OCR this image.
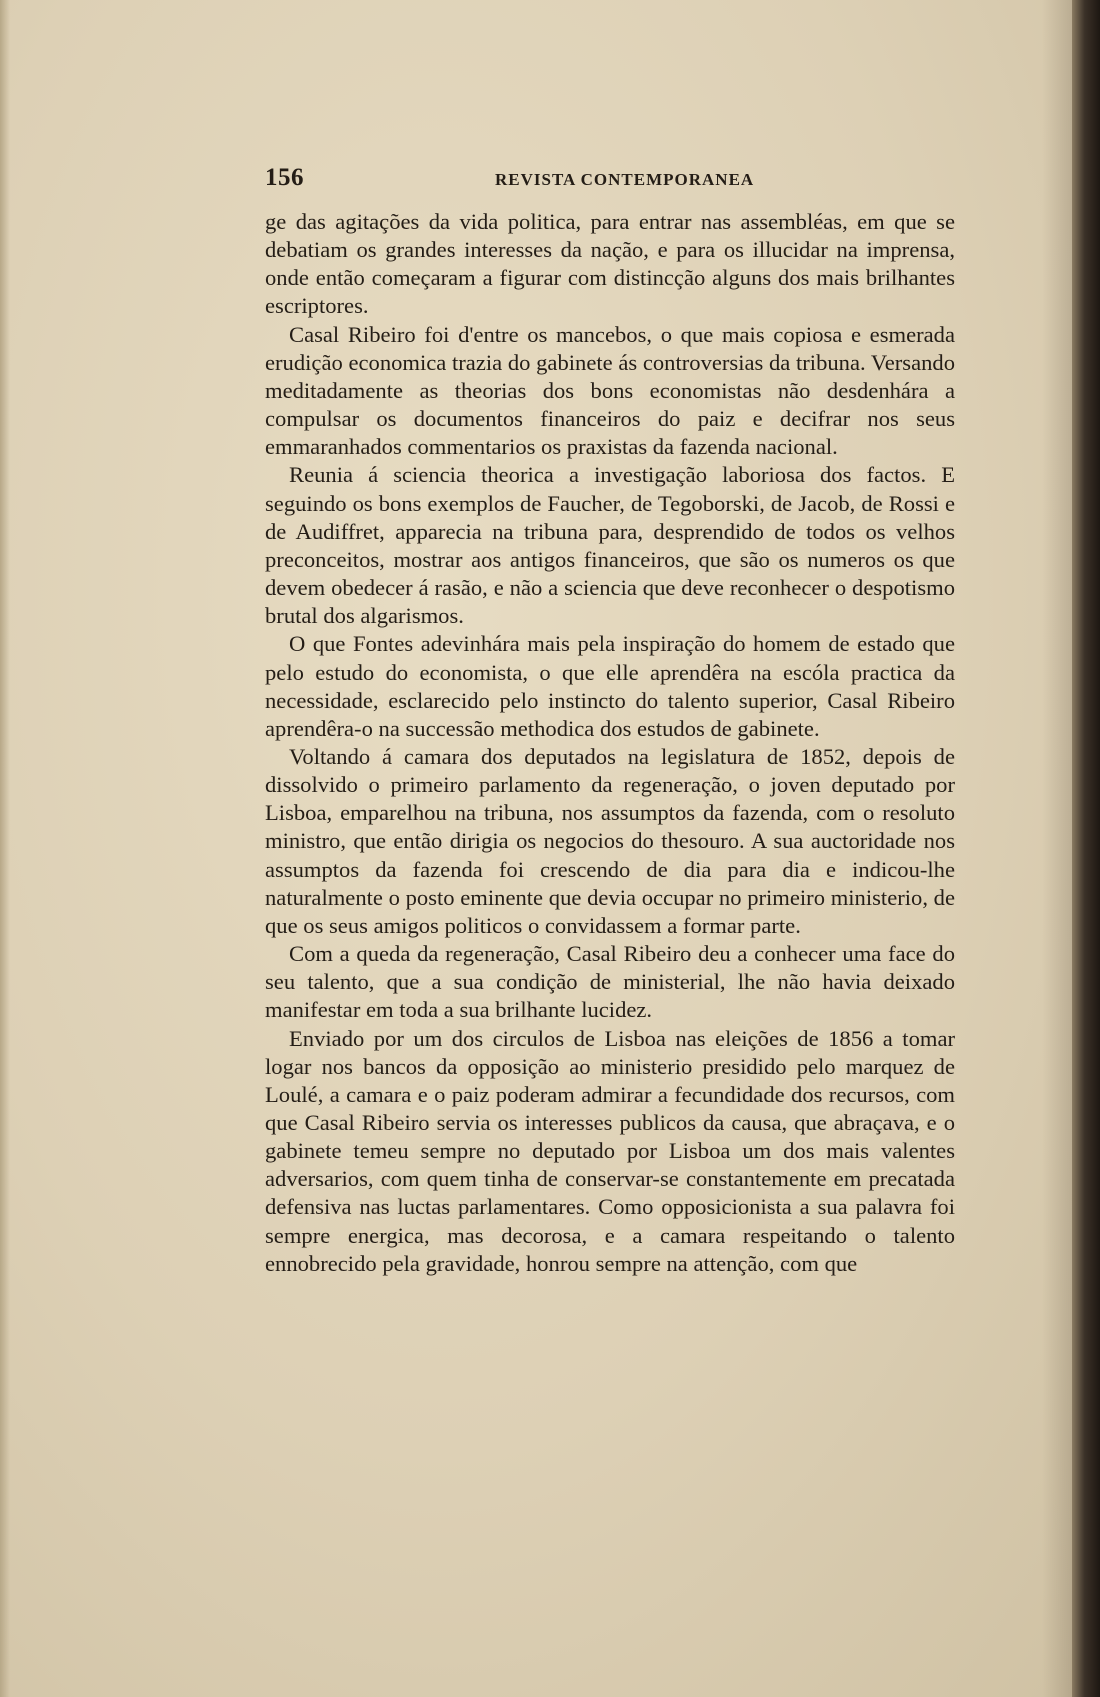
156	REVISTA CONTEMPORANEA

ge das agitações da vida politica, para entrar nas assembléas, em que se debatiam os grandes interesses da nação, e para os illucidar na imprensa, onde então começaram a figurar com distincção alguns dos mais brilhantes escriptores.

Casal Ribeiro foi d'entre os mancebos, o que mais copiosa e esmerada erudição economica trazia do gabinete ás controversias da tribuna. Versando meditadamente as theorias dos bons economistas não desdenhára a compulsar os documentos financeiros do paiz e decifrar nos seus emmaranhados commentarios os praxistas da fazenda nacional.

Reunia á sciencia theorica a investigação laboriosa dos factos. E seguindo os bons exemplos de Faucher, de Tegoborski, de Jacob, de Rossi e de Audiffret, apparecia na tribuna para, desprendido de todos os velhos preconceitos, mostrar aos antigos financeiros, que são os numeros os que devem obedecer á rasão, e não a sciencia que deve reconhecer o despotismo brutal dos algarismos.

O que Fontes adevinhára mais pela inspiração do homem de estado que pelo estudo do economista, o que elle aprendêra na escóla practica da necessidade, esclarecido pelo instincto do talento superior, Casal Ribeiro aprendêra-o na successão methodica dos estudos de gabinete.

Voltando á camara dos deputados na legislatura de 1852, depois de dissolvido o primeiro parlamento da regeneração, o joven deputado por Lisboa, emparelhou na tribuna, nos assumptos da fazenda, com o resoluto ministro, que então dirigia os negocios do thesouro. A sua auctoridade nos assumptos da fazenda foi crescendo de dia para dia e indicou-lhe naturalmente o posto eminente que devia occupar no primeiro ministerio, de que os seus amigos politicos o convidassem a formar parte.

Com a queda da regeneração, Casal Ribeiro deu a conhecer uma face do seu talento, que a sua condição de ministerial, lhe não havia deixado manifestar em toda a sua brilhante lucidez.

Enviado por um dos circulos de Lisboa nas eleições de 1856 a tomar logar nos bancos da opposição ao ministerio presidido pelo marquez de Loulé, a camara e o paiz poderam admirar a fecundidade dos recursos, com que Casal Ribeiro servia os interesses publicos da causa, que abraçava, e o gabinete temeu sempre no deputado por Lisboa um dos mais valentes adversarios, com quem tinha de conservar-se constantemente em precatada defensiva nas luctas parlamentares. Como opposicionista a sua palavra foi sempre energica, mas decorosa, e a camara respeitando o talento ennobrecido pela gravidade, honrou sempre na attenção, com que
